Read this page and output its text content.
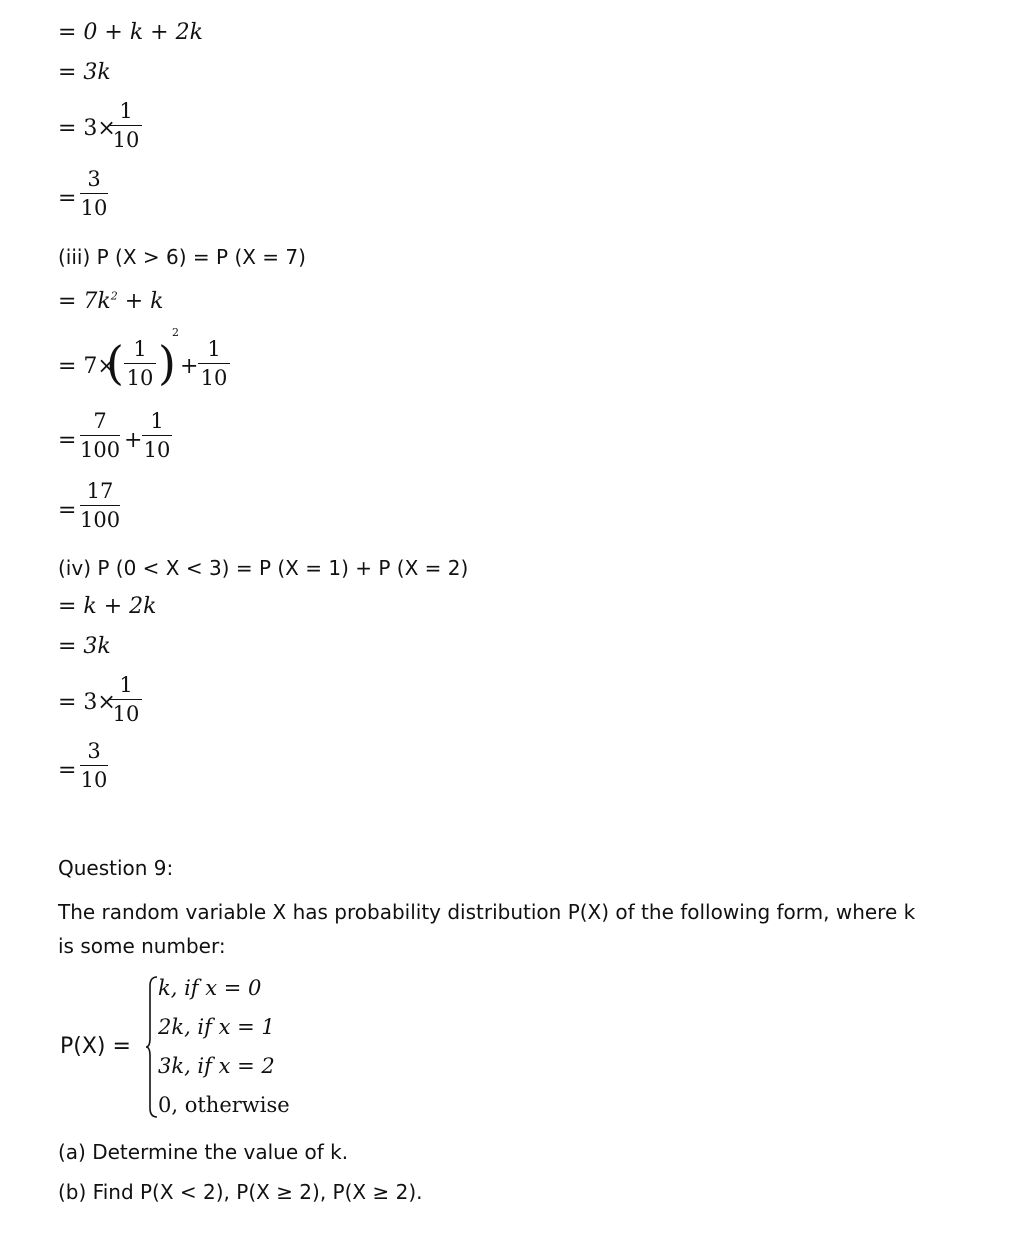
= 0 + k + 2k
= 3k
= 3×
1
10
=
3
10
(iii) P (X > 6) = P (X = 7)
= $7k^2 + k$
= 7×
( 1
10 )
2
+
1
10
=
7
100 +
1
10
=
17
100
(iv) P (0 < X < 3) = P (X = 1) + P (X = 2)
= k + 2k
= 3k
= 3×
1
10
=
3
10
Question 9:
The random variable X has probability distribution P(X) of the following form, where k
is some number:
P(X) =
k, if x = 0
2k, if x = 1
3k, if x = 2
0, otherwise
(a) Determine the value of k.
(b) Find P(X < 2), P(X ≥ 2), P(X ≥ 2).
